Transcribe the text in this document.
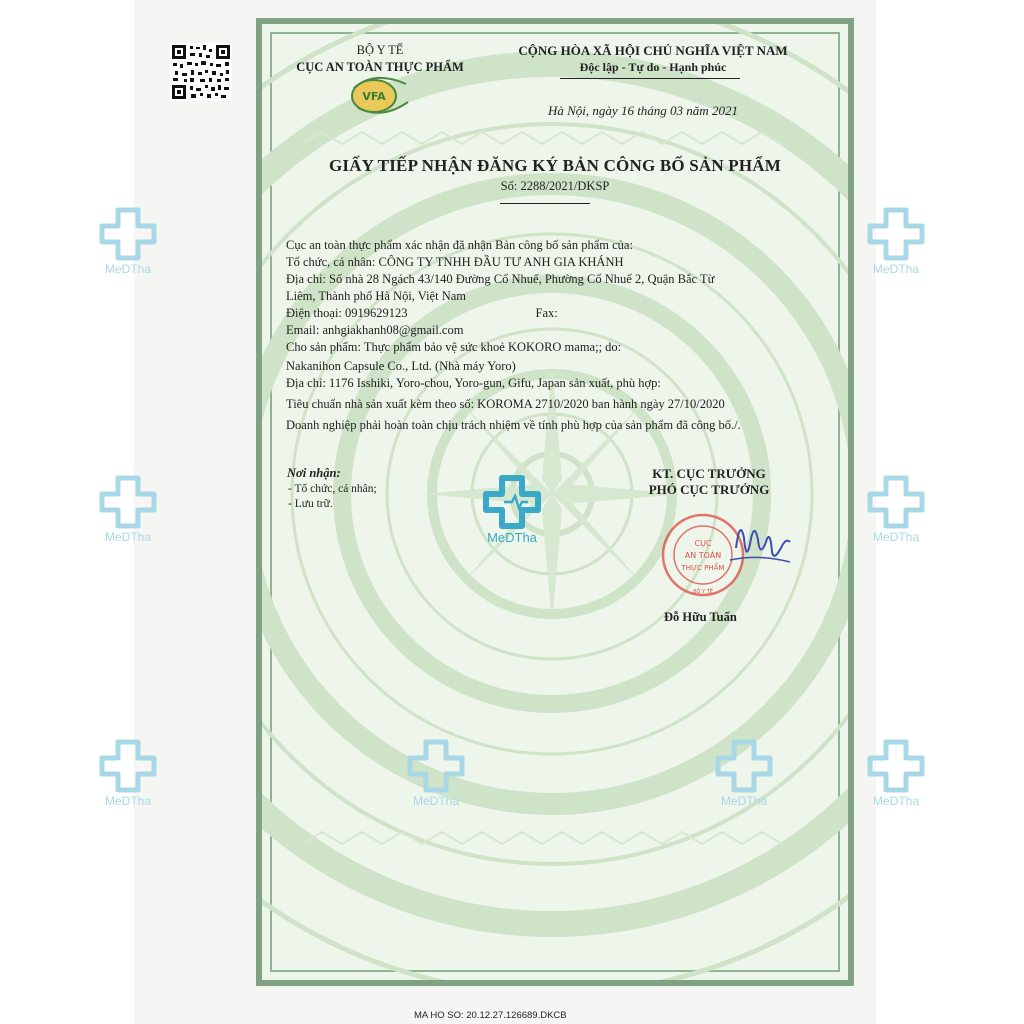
VFA
BỘ Y TẾ
CỤC AN TOÀN THỰC PHẨM
CỘNG HÒA XÃ HỘI CHỦ NGHĨA VIỆT NAM
Độc lập - Tự do - Hạnh phúc
Hà Nội, ngày 16 tháng 03 năm 2021
GIẤY TIẾP NHẬN ĐĂNG KÝ BẢN CÔNG BỐ SẢN PHẨM
Số: 2288/2021/DKSP
Cục an toàn thực phẩm xác nhận đã nhận Bản công bố sản phẩm của:
Tổ chức, cá nhân: CÔNG TY TNHH ĐẦU TƯ ANH GIA KHÁNH
Địa chỉ: Số nhà 28 Ngách 43/140 Đường Cổ Nhuế, Phường Cổ Nhuế 2, Quận Bắc Từ
Liêm, Thành phố Hà Nội, Việt Nam
Điện thoại: 0919629123	Fax:
Email: anhgiakhanh08@gmail.com
Cho sản phẩm: Thực phẩm bảo vệ sức khoẻ KOKORO mama;; do:
Nakanihon Capsule Co., Ltd. (Nhà máy Yoro)
Địa chỉ: 1176 Isshiki, Yoro-chou, Yoro-gun, Gifu, Japan sản xuất, phù hợp:
Tiêu chuẩn nhà sản xuất kèm theo số: KOROMA 2710/2020 ban hành ngày 27/10/2020
Doanh nghiệp phải hoàn toàn chịu trách nhiệm về tính phù hợp của sản phẩm đã công bố./.
Nơi nhận:
- Tổ chức, cá nhân;
- Lưu trữ.
KT. CỤC TRƯỞNG
PHÓ CỤC TRƯỞNG
CỤC
AN TOÀN
THỰC PHẨM
BỘ Y TẾ
Đỗ Hữu Tuấn
MeDTha	MeDTha
MeDTha	MeDTha
MeDTha	MeDTha
MeDTha	MeDTha
MeDTha
MA HO SO: 20.12.27.126689.DKCB
